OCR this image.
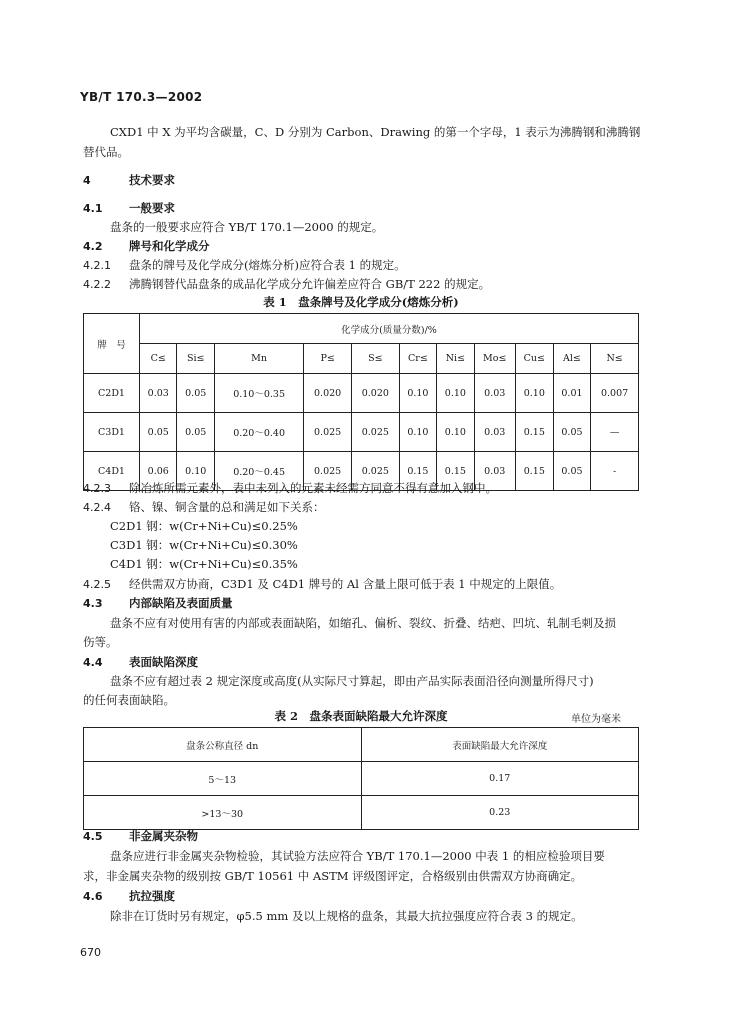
YB/T 170.3—2002
CXD1 中 X 为平均含碳量，C、D 分别为 Carbon、Drawing 的第一个字母，1 表示为沸腾钢和沸腾钢
替代品。
4	技术要求
4.1 一般要求
盘条的一般要求应符合 YB/T 170.1—2000 的规定。
4.2 牌号和化学成分
4.2.1 盘条的牌号及化学成分(熔炼分析)应符合表 1 的规定。
4.2.2 沸腾钢替代品盘条的成品化学成分允许偏差应符合 GB/T 222 的规定。
表 1　盘条牌号及化学成分(熔炼分析)
牌　号	化学成分(质量分数)/%										
	C≤	Si≤	Mn	P≤	S≤	Cr≤	Ni≤	Mo≤	Cu≤	Al≤	N≤
C2D1	0.03	0.05	0.10～0.35	0.020	0.020	0.10	0.10	0.03	0.10	0.01	0.007
C3D1	0.05	0.05	0.20～0.40	0.025	0.025	0.10	0.10	0.03	0.15	0.05	—
C4D1	0.06	0.10	0.20～0.45	0.025	0.025	0.15	0.15	0.03	0.15	0.05	-
4.2.3 除冶炼所需元素外，表中未列入的元素未经需方同意不得有意加入钢中。
4.2.4 铬、镍、铜含量的总和满足如下关系：
C2D1 钢：w(Cr+Ni+Cu)≤0.25%
C3D1 钢：w(Cr+Ni+Cu)≤0.30%
C4D1 钢：w(Cr+Ni+Cu)≤0.35%
4.2.5 经供需双方协商，C3D1 及 C4D1 牌号的 Al 含量上限可低于表 1 中规定的上限值。
4.3 内部缺陷及表面质量
盘条不应有对使用有害的内部或表面缺陷，如缩孔、偏析、裂纹、折叠、结疤、凹坑、轧制毛刺及损
伤等。
4.4 表面缺陷深度
盘条不应有超过表 2 规定深度或高度(从实际尺寸算起，即由产品实际表面沿径向测量所得尺寸)
的任何表面缺陷。
表 2　盘条表面缺陷最大允许深度	单位为毫米
盘条公称直径 dn	表面缺陷最大允许深度
5～13	0.17
>13～30	0.23
4.5 非金属夹杂物
盘条应进行非金属夹杂物检验，其试验方法应符合 YB/T 170.1—2000 中表 1 的相应检验项目要
求，非金属夹杂物的级别按 GB/T 10561 中 ASTM 评级图评定，合格级别由供需双方协商确定。
4.6 抗拉强度
除非在订货时另有规定，φ5.5 mm 及以上规格的盘条，其最大抗拉强度应符合表 3 的规定。
670
